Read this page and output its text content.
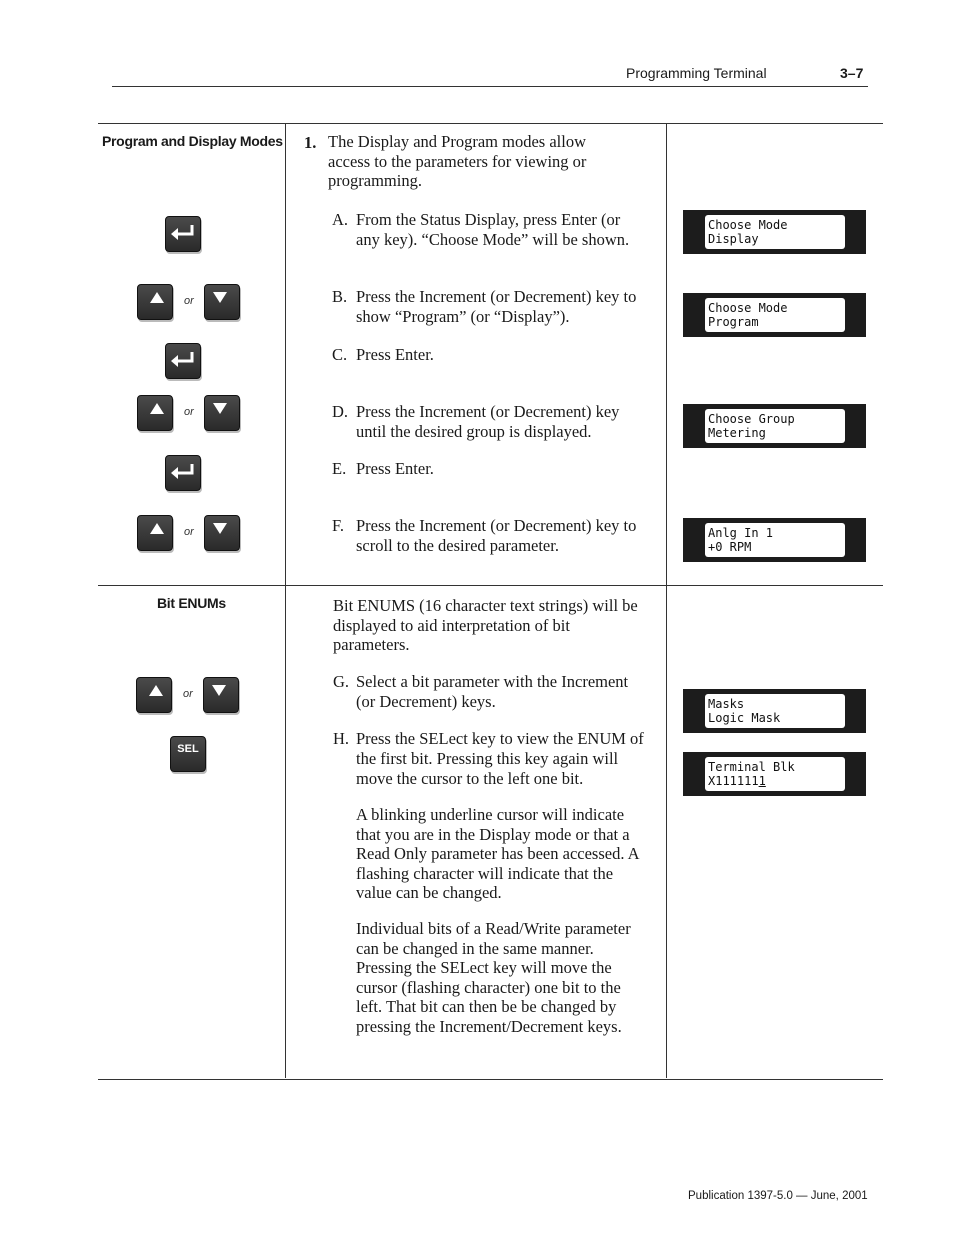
Programming Terminal	3–7
Program and Display Modes
Bit ENUMs
1. The Display and Program modes allow
access to the parameters for viewing or
programming.
A. From the Status Display, press Enter (or any key). “Choose Mode” will be shown.
B. Press the Increment (or Decrement) key to show “Program” (or “Display”).
C. Press Enter.
D. Press the Increment (or Decrement) key until the desired group is displayed.
E. Press Enter.
F. Press the Increment (or Decrement) key to scroll to the desired parameter.
Bit ENUMS (16 character text strings) will be displayed to aid interpretation of bit parameters.
G. Select a bit parameter with the Increment (or Decrement) keys.
H. Press the SELect key to view the ENUM of the first bit. Pressing this key again will move the cursor to the left one bit.
A blinking underline cursor will indicate that you are in the Display mode or that a Read Only parameter has been accessed. A flashing character will indicate that the value can be changed.
Individual bits of a Read/Write parameter can be changed in the same manner. Pressing the SELect key will move the cursor (flashing character) one bit to the left. That bit can then be be changed by pressing the Increment/Decrement keys.
Choose Mode
Display
Choose Mode
Program
Choose Group
Metering
Anlg In 1
+0 RPM
Masks
Logic Mask
Terminal Blk
X1111111
or
or
or
or
SEL
Publication 1397-5.0 — June, 2001
